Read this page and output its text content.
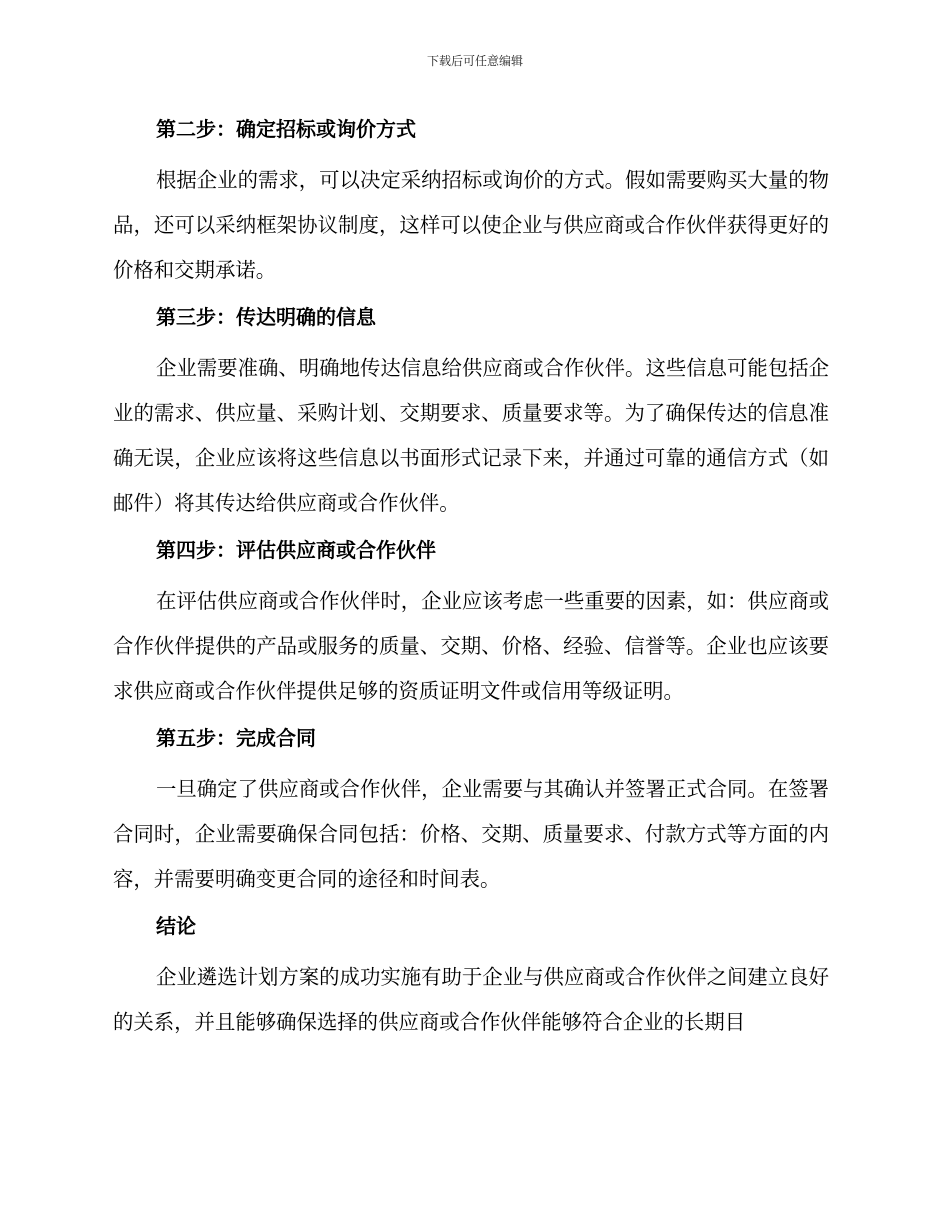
下载后可任意编辑
第二步：确定招标或询价方式

根据企业的需求，可以决定采纳招标或询价的方式。假如需要购买大量的物品，还可以采纳框架协议制度，这样可以使企业与供应商或合作伙伴获得更好的价格和交期承诺。

第三步：传达明确的信息

企业需要准确、明确地传达信息给供应商或合作伙伴。这些信息可能包括企业的需求、供应量、采购计划、交期要求、质量要求等。为了确保传达的信息准确无误，企业应该将这些信息以书面形式记录下来，并通过可靠的通信方式（如邮件）将其传达给供应商或合作伙伴。

第四步：评估供应商或合作伙伴

在评估供应商或合作伙伴时，企业应该考虑一些重要的因素，如：供应商或合作伙伴提供的产品或服务的质量、交期、价格、经验、信誉等。企业也应该要求供应商或合作伙伴提供足够的资质证明文件或信用等级证明。

第五步：完成合同

一旦确定了供应商或合作伙伴，企业需要与其确认并签署正式合同。在签署合同时，企业需要确保合同包括：价格、交期、质量要求、付款方式等方面的内容，并需要明确变更合同的途径和时间表。

结论

企业遴选计划方案的成功实施有助于企业与供应商或合作伙伴之间建立良好的关系，并且能够确保选择的供应商或合作伙伴能够符合企业的长期目
